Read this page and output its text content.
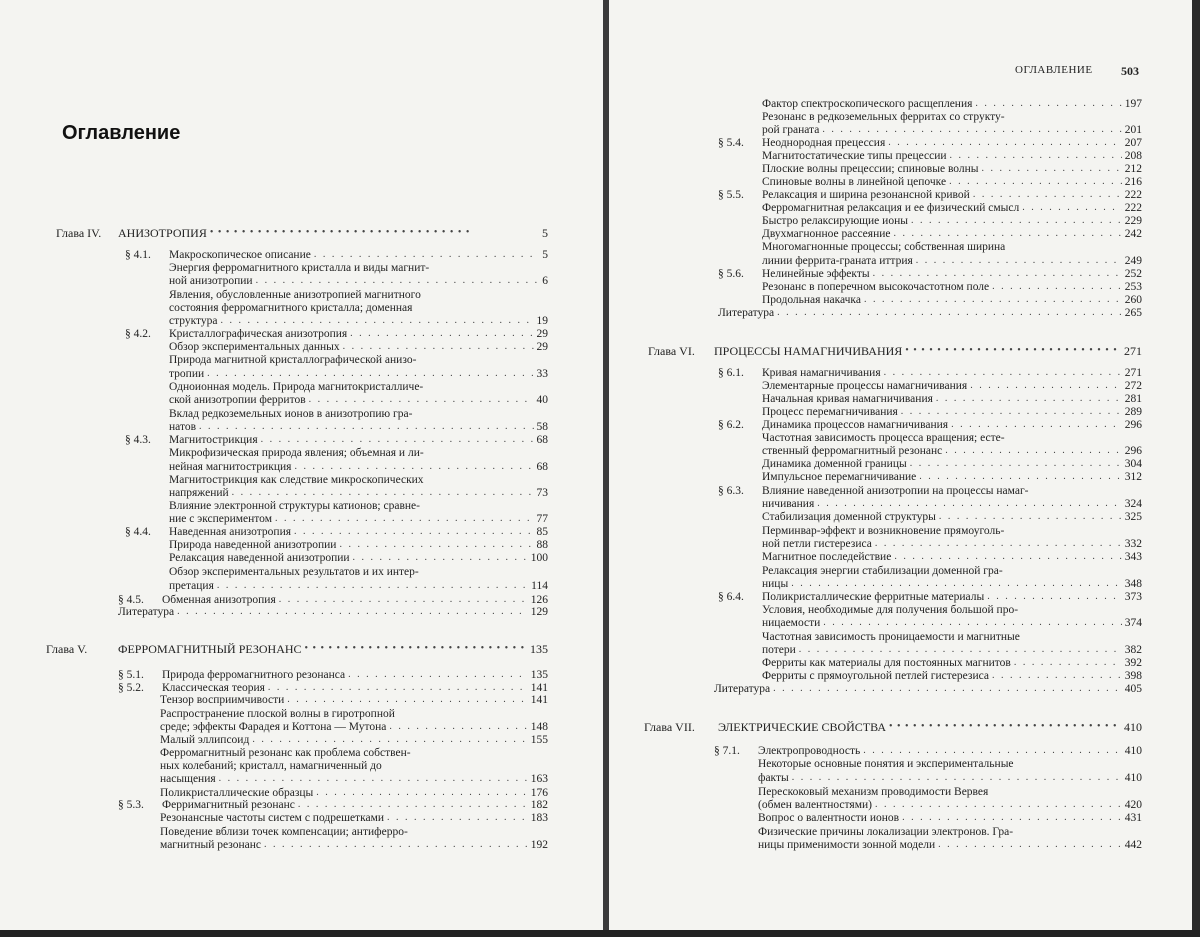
Оглавление
Глава IV.	АНИЗОТРОПИЯ • • •	5
§ 4.1.	Макроскопическое описание . . .	5
Энергия ферромагнитного кристалла и виды магнит-
ной анизотропии . . .	6
Явления, обусловленные анизотропией магнитного
состояния ферромагнитного кристалла; доменная
структура . . .	19
§ 4.2.	Кристаллографическая анизотропия . . .	29
Обзор экспериментальных данных . . .	29
Природа магнитной кристаллографической анизо-
тропии . . .	33
Одноионная модель. Природа магнитокристалличе-
ской анизотропии ферритов . . .	40
Вклад редкоземельных ионов в анизотропию гра-
натов . . .	58
§ 4.3.	Магнитострикция . . .	68
Микрофизическая природа явления; объемная и ли-
нейная магнитострикция . . .	68
Магнитострикция как следствие микроскопических
напряжений . . .	73
Влияние электронной структуры катионов; сравне-
ние с экспериментом . . .	77
§ 4.4.	Наведенная анизотропия . . .	85
Природа наведенной анизотропии . . .	88
Релаксация наведенной анизотропии . . .	100
Обзор экспериментальных результатов и их интер-
претация . . .	114
§ 4.5.	Обменная анизотропия . . .	126
Литература . . .	129
Глава V.	ФЕРРОМАГНИТНЫЙ РЕЗОНАНС • • •	135
§ 5.1.	Природа ферромагнитного резонанса . . .	135
§ 5.2.	Классическая теория . . .	141
Тензор восприимчивости . . .	141
Распространение плоской волны в гиротропной
среде; эффекты Фарадея и Коттона — Мутона . . .	148
Малый эллипсоид . . .	155
Ферромагнитный резонанс как проблема собствен-
ных колебаний; кристалл, намагниченный до
насыщения . . .	163
Поликристаллические образцы . . .	176
§ 5.3.	Ферримагнитный резонанс . . .	182
Резонансные частоты систем с подрешетками . . .	183
Поведение вблизи точек компенсации; антиферро-
магнитный резонанс . . .	192
ОГЛАВЛЕНИЕ 503
Фактор спектроскопического расщепления . . .	197
Резонанс в редкоземельных ферритах со структу-
рой граната . . .	201
§ 5.4.	Неоднородная прецессия . . .	207
Магнитостатические типы прецессии . . .	208
Плоские волны прецессии; спиновые волны . . .	212
Спиновые волны в линейной цепочке . . .	216
§ 5.5.	Релаксация и ширина резонансной кривой . . .	222
Ферромагнитная релаксация и ее физический смысл . . .	222
Быстро релаксирующие ионы . . .	229
Двухмагнонное рассеяние . . .	242
Многомагнонные процессы; собственная ширина
линии феррита-граната иттрия . . .	249
§ 5.6.	Нелинейные эффекты . . .	252
Резонанс в поперечном высокочастотном поле . . .	253
Продольная накачка . . .	260
Литература . . .	265
Глава VI.	ПРОЦЕССЫ НАМАГНИЧИВАНИЯ • • •	271
§ 6.1.	Кривая намагничивания . . .	271
Элементарные процессы намагничивания . . .	272
Начальная кривая намагничивания . . .	281
Процесс перемагничивания . . .	289
§ 6.2.	Динамика процессов намагничивания . . .	296
Частотная зависимость процесса вращения; есте-
ственный ферромагнитный резонанс . . .	296
Динамика доменной границы . . .	304
Импульсное перемагничивание . . .	312
§ 6.3.	Влияние наведенной анизотропии на процессы намаг-
ничивания . . .	324
Стабилизация доменной структуры . . .	325
Перминвар-эффект и возникновение прямоуголь-
ной петли гистерезиса . . .	332
Магнитное последействие . . .	343
Релаксация энергии стабилизации доменной гра-
ницы . . .	348
§ 6.4.	Поликристаллические ферритные материалы . . .	373
Условия, необходимые для получения большой про-
ницаемости . . .	374
Частотная зависимость проницаемости и магнитные
потери . . .	382
Ферриты как материалы для постоянных магнитов . . .	392
Ферриты с прямоугольной петлей гистерезиса . . .	398
Литература . . .	405
Глава VII.	ЭЛЕКТРИЧЕСКИЕ СВОЙСТВА • • •	410
§ 7.1.	Электропроводность . . .	410
Некоторые основные понятия и экспериментальные
факты . . .	410
Перескоковый механизм проводимости Вервея
(обмен валентностями) . . .	420
Вопрос о валентности ионов . . .	431
Физические причины локализации электронов. Гра-
ницы применимости зонной модели . . .	442
